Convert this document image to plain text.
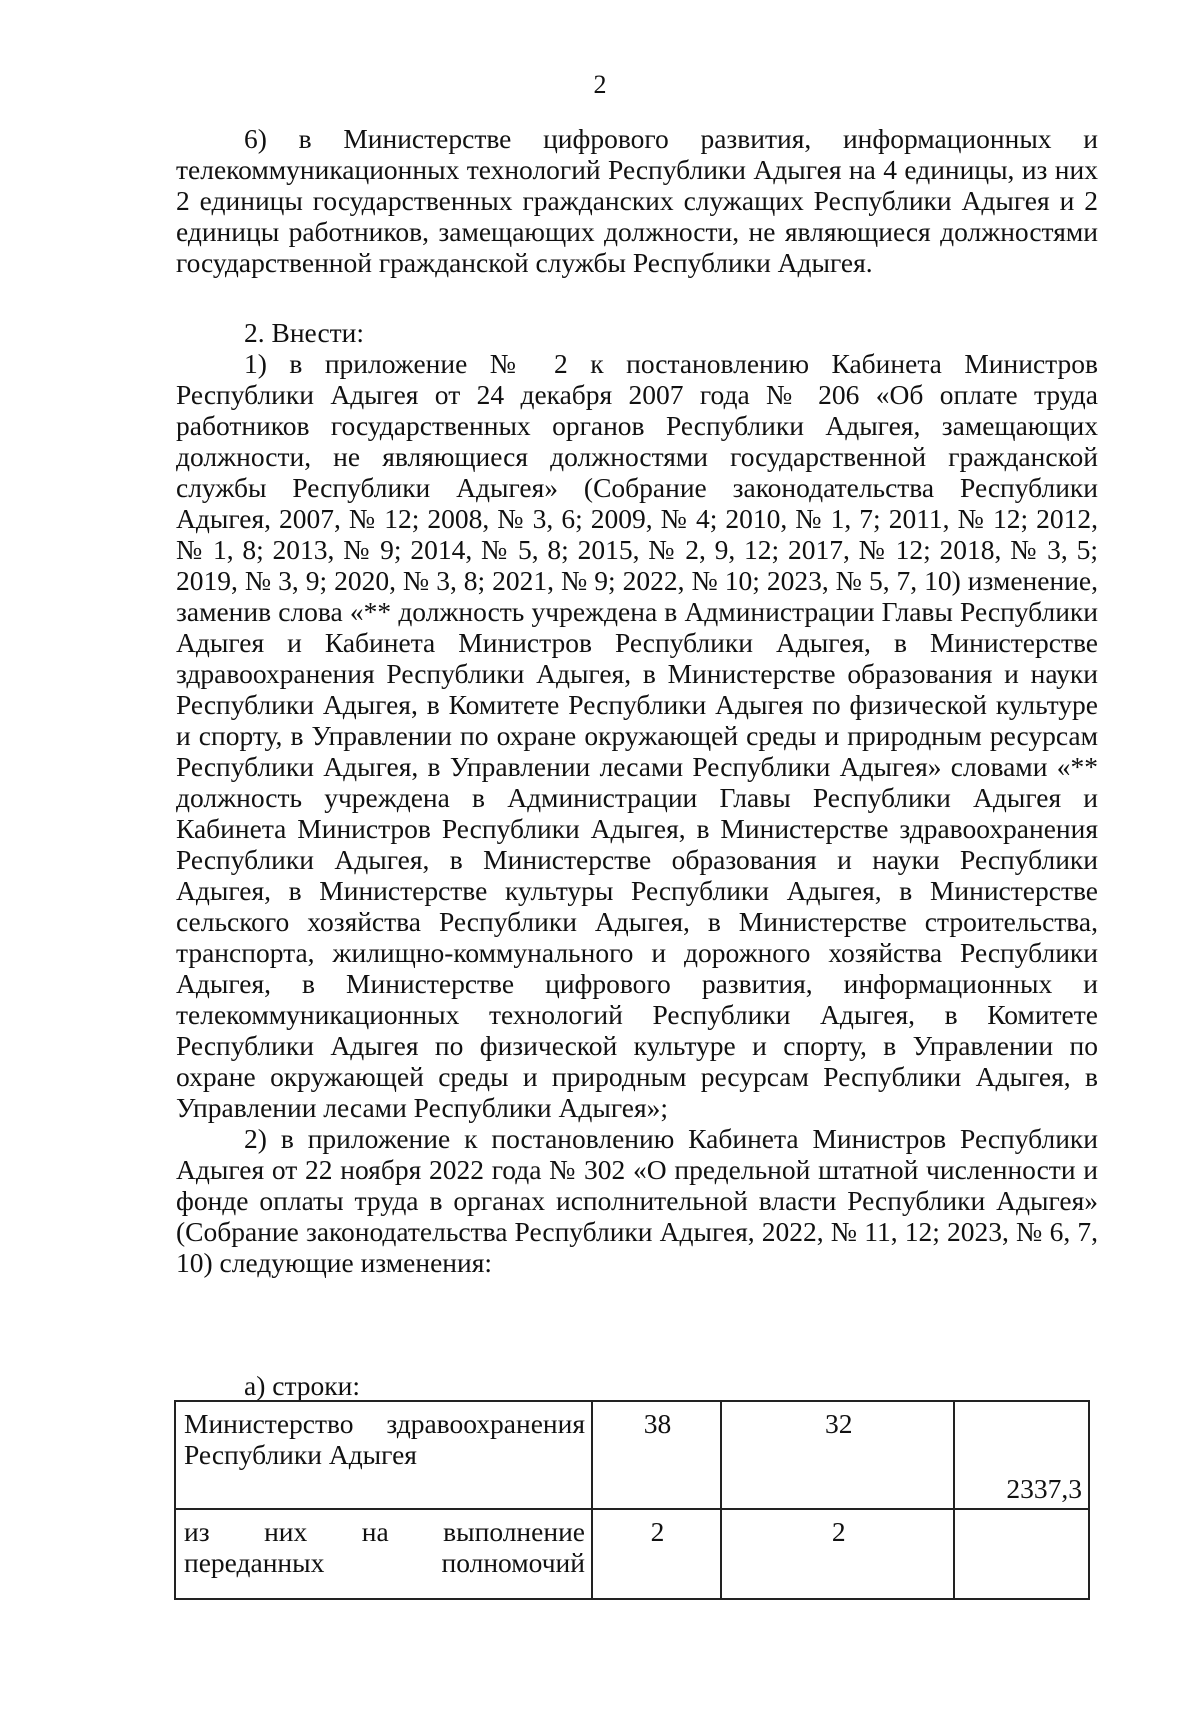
2

6) в Министерстве цифрового развития, информационных и телекоммуникационных технологий Республики Адыгея на 4 единицы, из них 2 единицы государственных гражданских служащих Республики Адыгея и 2 единицы работников, замещающих должности, не являющиеся должностями государственной гражданской службы Республики Адыгея.

2. Внести:

1) в приложение № 2 к постановлению Кабинета Министров Республики Адыгея от 24 декабря 2007 года № 206 «Об оплате труда работников государственных органов Республики Адыгея, замещающих должности, не являющиеся должностями государственной гражданской службы Республики Адыгея» (Собрание законодательства Республики Адыгея, 2007, № 12; 2008, № 3, 6; 2009, № 4; 2010, № 1, 7; 2011, № 12; 2012, № 1, 8; 2013, № 9; 2014, № 5, 8; 2015, № 2, 9, 12; 2017, № 12; 2018, № 3, 5; 2019, № 3, 9; 2020, № 3, 8; 2021, № 9; 2022, № 10; 2023, № 5, 7, 10) изменение, заменив слова «** должность учреждена в Администрации Главы Республики Адыгея и Кабинета Министров Республики Адыгея, в Министерстве здравоохранения Республики Адыгея, в Министерстве образования и науки Республики Адыгея, в Комитете Республики Адыгея по физической культуре и спорту, в Управлении по охране окружающей среды и природным ресурсам Республики Адыгея, в Управлении лесами Республики Адыгея» словами «** должность учреждена в Администрации Главы Республики Адыгея и Кабинета Министров Республики Адыгея, в Министерстве здравоохранения Республики Адыгея, в Министерстве образования и науки Республики Адыгея, в Министерстве культуры Республики Адыгея, в Министерстве сельского хозяйства Республики Адыгея, в Министерстве строительства, транспорта, жилищно-коммунального и дорожного хозяйства Республики Адыгея, в Министерстве цифрового развития, информационных и телекоммуникационных технологий Республики Адыгея, в Комитете Республики Адыгея по физической культуре и спорту, в Управлении по охране окружающей среды и природным ресурсам Республики Адыгея, в Управлении лесами Республики Адыгея»;

2) в приложение к постановлению Кабинета Министров Республики Адыгея от 22 ноября 2022 года № 302 «О предельной штатной численности и фонде оплаты труда в органах исполнительной власти Республики Адыгея» (Собрание законодательства Республики Адыгея, 2022, № 11, 12; 2023, № 6, 7, 10) следующие изменения:

а) строки:
Министерство здравоохранения Республики Адыгея	38	32	2337,3

из них на выполнение переданных полномочий	2	2	
